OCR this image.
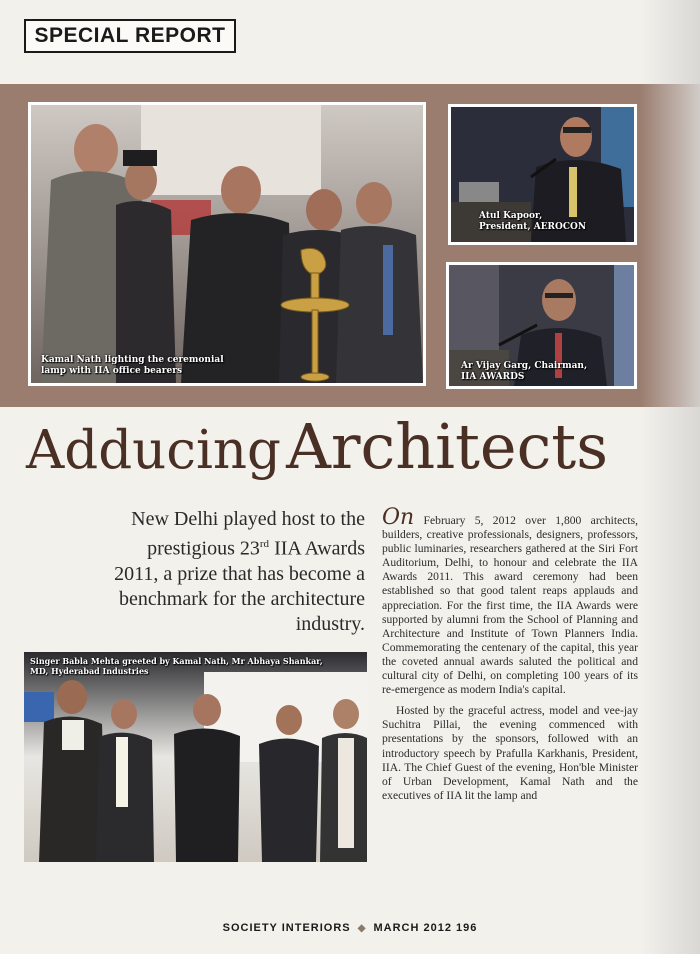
SPECIAL REPORT
Kamal Nath lighting the ceremonial
lamp with IIA office bearers
Atul Kapoor,
President, AEROCON
Ar Vijay Garg, Chairman,
IIA AWARDS
Adducing Architects
New Delhi played host to the prestigious 23rd IIA Awards 2011, a prize that has become a benchmark for the architecture industry.
Singer Babla Mehta greeted by Kamal Nath, Mr Abhaya Shankar,
MD, Hyderabad Industries

On February 5, 2012 over 1,800 architects, builders, creative professionals, designers, professors, public luminaries, researchers gathered at the Siri Fort Auditorium, Delhi, to honour and celebrate the IIA Awards 2011. This award ceremony had been established so that good talent reaps applauds and appreciation. For the first time, the IIA Awards were supported by alumni from the School of Planning and Architecture and Institute of Town Planners India. Commemorating the centenary of the capital, this year the coveted annual awards saluted the political and cultural city of Delhi, on completing 100 years of its re-emergence as modern India's capital.

Hosted by the graceful actress, model and vee-jay Suchitra Pillai, the evening commenced with presentations by the sponsors, followed with an introductory speech by Prafulla Karkhanis, President, IIA. The Chief Guest of the evening, Hon'ble Minister of Urban Development, Kamal Nath and the executives of IIA lit the lamp and

SOCIETY INTERIORS ◆ MARCH 2012 196
